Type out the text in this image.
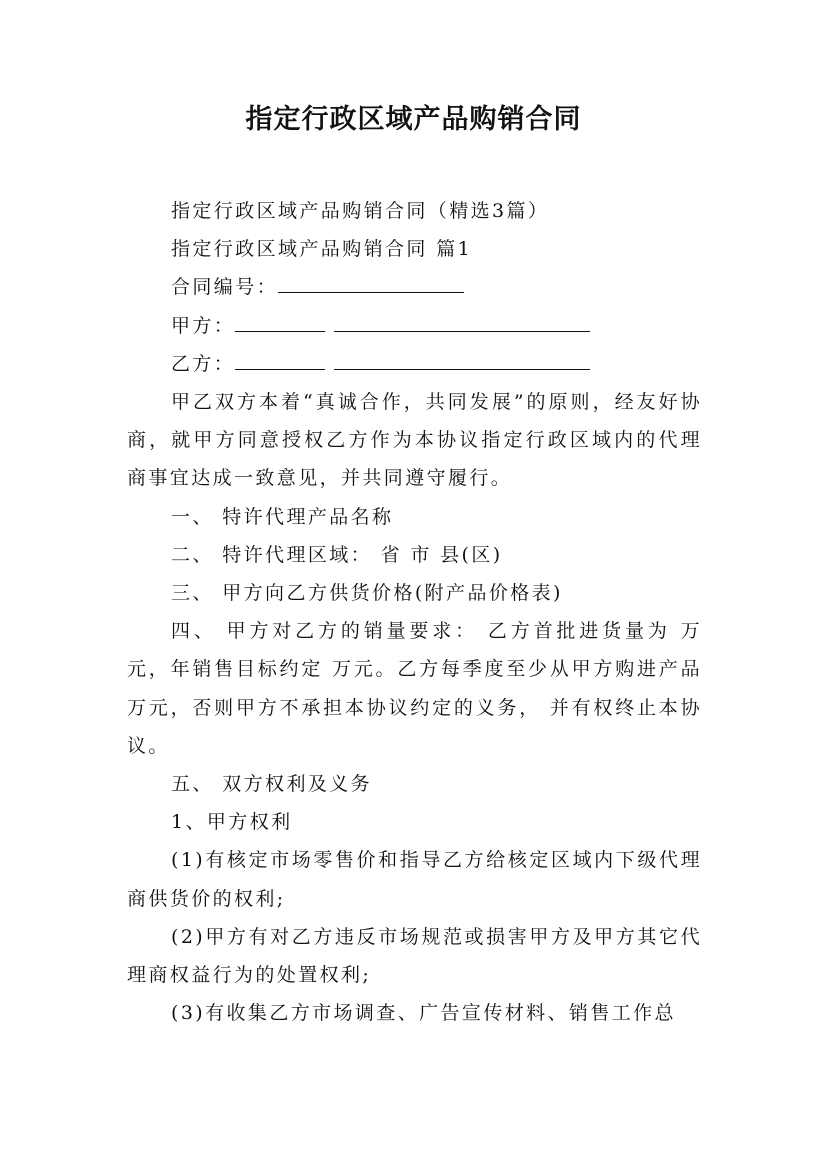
指定行政区域产品购销合同

指定行政区域产品购销合同（精选3篇）

指定行政区域产品购销合同 篇1

合同编号：

甲方：

乙方：

甲乙双方本着“真诚合作，共同发展”的原则，经友好协商，就甲方同意授权乙方作为本协议指定行政区域内的代理商事宜达成一致意见，并共同遵守履行。

一、 特许代理产品名称

二、 特许代理区域： 省 市 县(区)

三、 甲方向乙方供货价格(附产品价格表)

四、 甲方对乙方的销量要求： 乙方首批进货量为 万元，年销售目标约定 万元。乙方每季度至少从甲方购进产品 万元，否则甲方不承担本协议约定的义务， 并有权终止本协议。

五、 双方权利及义务

1、甲方权利

(1)有核定市场零售价和指导乙方给核定区域内下级代理商供货价的权利;

(2)甲方有对乙方违反市场规范或损害甲方及甲方其它代理商权益行为的处置权利;

(3)有收集乙方市场调查、广告宣传材料、销售工作总
